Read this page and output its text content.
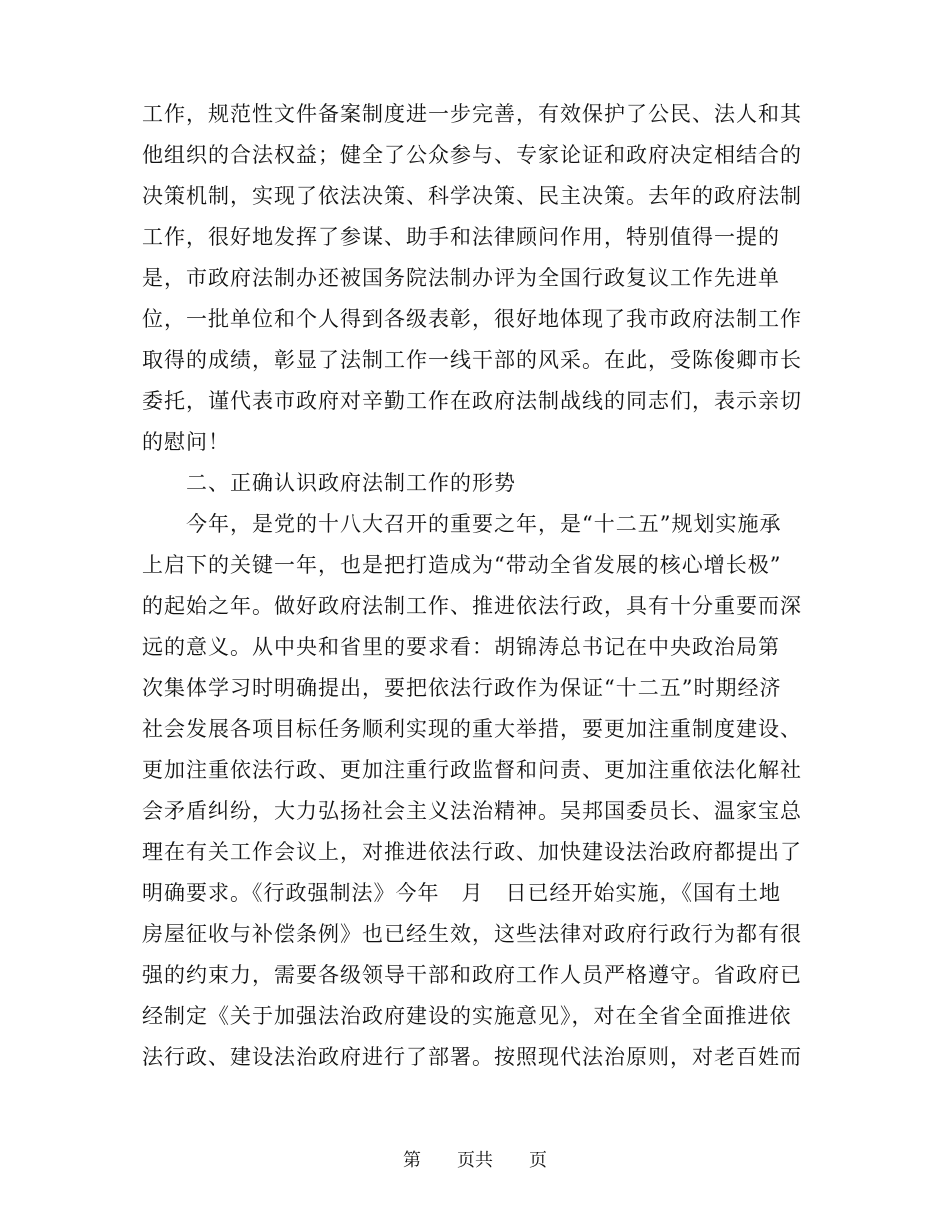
工作，规范性文件备案制度进一步完善，有效保护了公民、法人和其
他组织的合法权益；健全了公众参与、专家论证和政府决定相结合的
决策机制，实现了依法决策、科学决策、民主决策。去年的政府法制
工作，很好地发挥了参谋、助手和法律顾问作用，特别值得一提的
是，市政府法制办还被国务院法制办评为全国行政复议工作先进单
位，一批单位和个人得到各级表彰，很好地体现了我市政府法制工作
取得的成绩，彰显了法制工作一线干部的风采。在此，受陈俊卿市长
委托，谨代表市政府对辛勤工作在政府法制战线的同志们，表示亲切
的慰问！
　　二、正确认识政府法制工作的形势
　　今年，是党的十八大召开的重要之年，是“十二五”规划实施承
上启下的关键一年，也是把打造成为“带动全省发展的核心增长极”
的起始之年。做好政府法制工作、推进依法行政，具有十分重要而深
远的意义。从中央和省里的要求看：胡锦涛总书记在中央政治局第
次集体学习时明确提出，要把依法行政作为保证“十二五”时期经济
社会发展各项目标任务顺利实现的重大举措，要更加注重制度建设、
更加注重依法行政、更加注重行政监督和问责、更加注重依法化解社
会矛盾纠纷，大力弘扬社会主义法治精神。吴邦国委员长、温家宝总
理在有关工作会议上，对推进依法行政、加快建设法治政府都提出了
明确要求。《行政强制法》今年　月　日已经开始实施，《国有土地
房屋征收与补偿条例》也已经生效，这些法律对政府行政行为都有很
强的约束力，需要各级领导干部和政府工作人员严格遵守。省政府已
经制定《关于加强法治政府建设的实施意见》，对在全省全面推进依
法行政、建设法治政府进行了部署。按照现代法治原则，对老百姓而
第　　页共　　页
